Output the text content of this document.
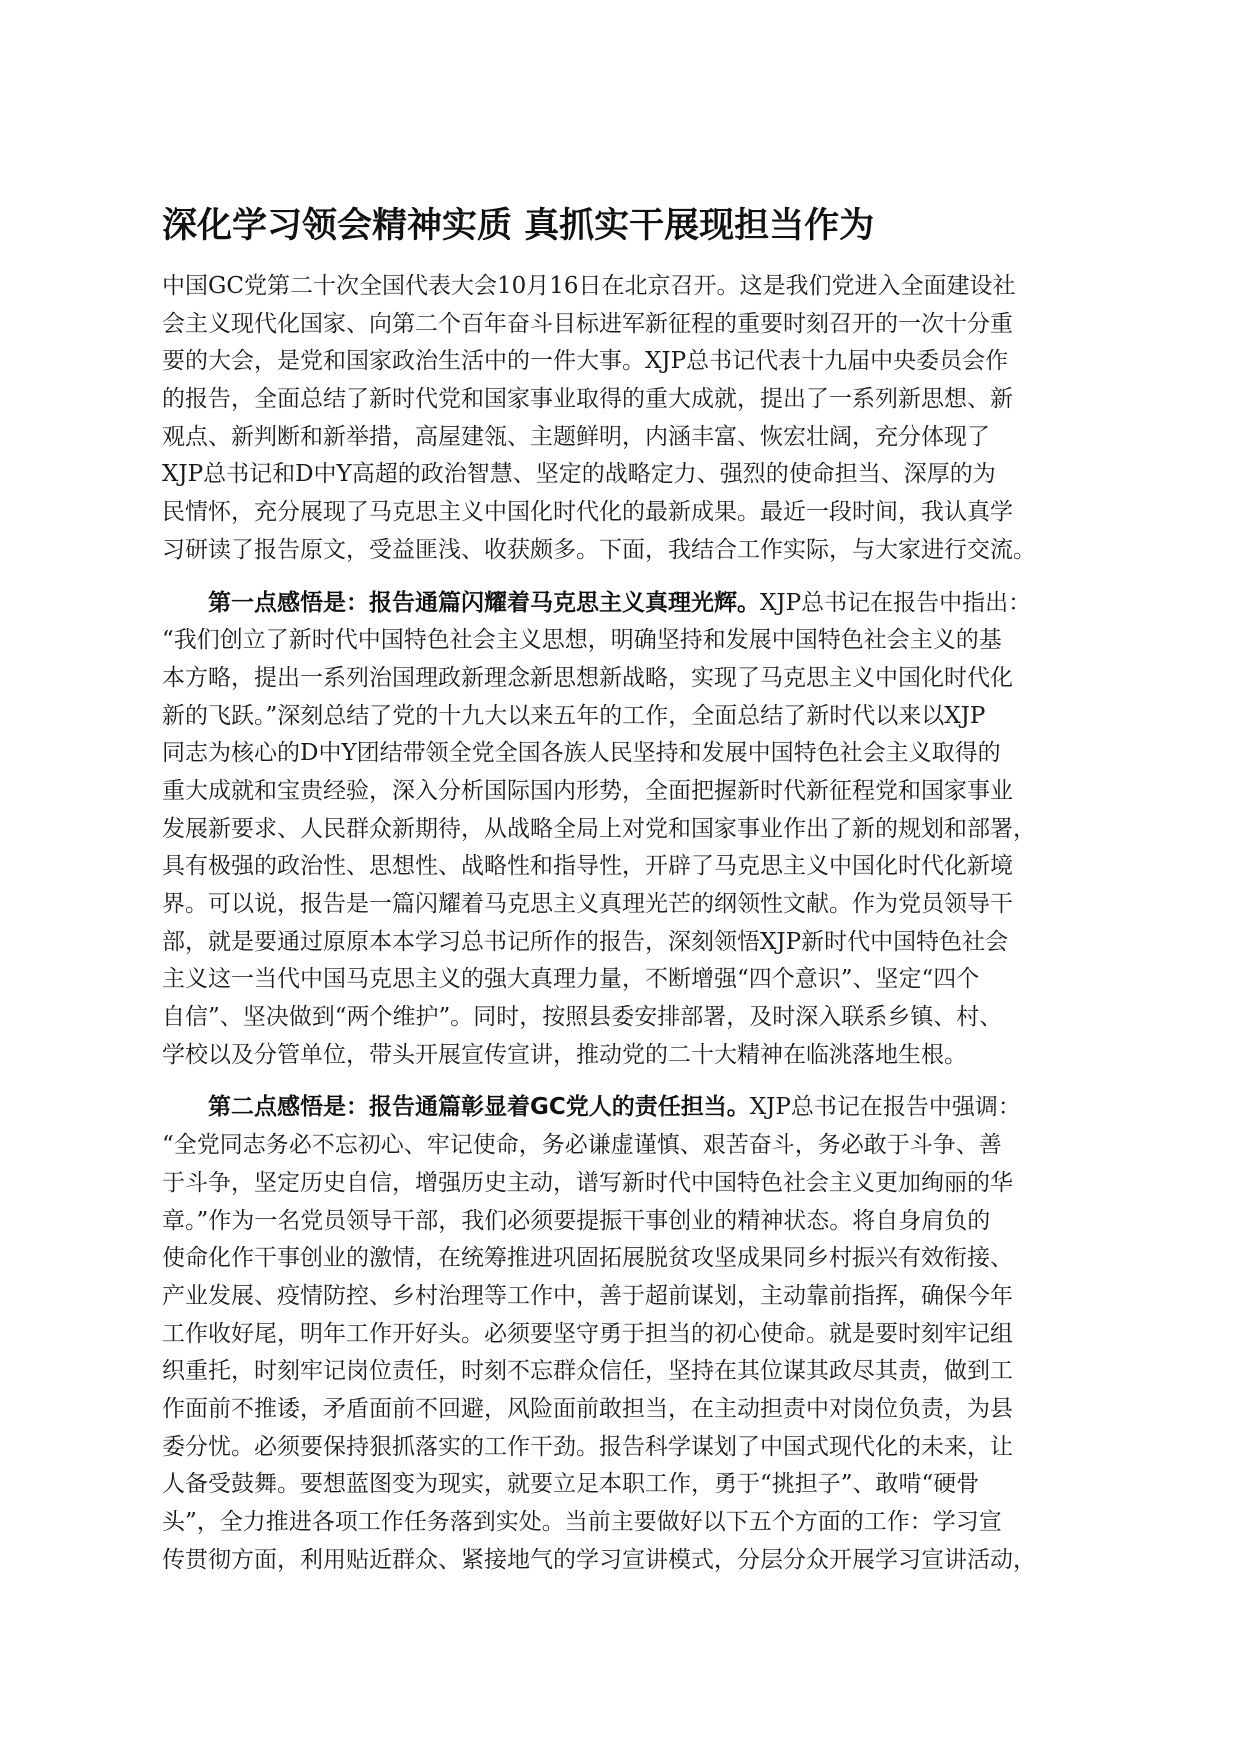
深化学习领会精神实质 真抓实干展现担当作为
中国GC党第二十次全国代表大会10月16日在北京召开。这是我们党进入全面建设社
会主义现代化国家、向第二个百年奋斗目标进军新征程的重要时刻召开的一次十分重
要的大会，是党和国家政治生活中的一件大事。XJP总书记代表十九届中央委员会作
的报告，全面总结了新时代党和国家事业取得的重大成就，提出了一系列新思想、新
观点、新判断和新举措，高屋建瓴、主题鲜明，内涵丰富、恢宏壮阔，充分体现了
XJP总书记和D中Y高超的政治智慧、坚定的战略定力、强烈的使命担当、深厚的为
民情怀，充分展现了马克思主义中国化时代化的最新成果。最近一段时间，我认真学
习研读了报告原文，受益匪浅、收获颇多。下面，我结合工作实际，与大家进行交流。
第一点感悟是：报告通篇闪耀着马克思主义真理光辉。XJP总书记在报告中指出：
“我们创立了新时代中国特色社会主义思想，明确坚持和发展中国特色社会主义的基
本方略，提出一系列治国理政新理念新思想新战略，实现了马克思主义中国化时代化
新的飞跃。”深刻总结了党的十九大以来五年的工作，全面总结了新时代以来以XJP
同志为核心的D中Y团结带领全党全国各族人民坚持和发展中国特色社会主义取得的
重大成就和宝贵经验，深入分析国际国内形势，全面把握新时代新征程党和国家事业
发展新要求、人民群众新期待，从战略全局上对党和国家事业作出了新的规划和部署，
具有极强的政治性、思想性、战略性和指导性，开辟了马克思主义中国化时代化新境
界。可以说，报告是一篇闪耀着马克思主义真理光芒的纲领性文献。作为党员领导干
部，就是要通过原原本本学习总书记所作的报告，深刻领悟XJP新时代中国特色社会
主义这一当代中国马克思主义的强大真理力量，不断增强“四个意识”、坚定“四个
自信”、坚决做到“两个维护”。同时，按照县委安排部署，及时深入联系乡镇、村、
学校以及分管单位，带头开展宣传宣讲，推动党的二十大精神在临洮落地生根。
第二点感悟是：报告通篇彰显着GC党人的责任担当。XJP总书记在报告中强调：
“全党同志务必不忘初心、牢记使命，务必谦虚谨慎、艰苦奋斗，务必敢于斗争、善
于斗争，坚定历史自信，增强历史主动，谱写新时代中国特色社会主义更加绚丽的华
章。”作为一名党员领导干部，我们必须要提振干事创业的精神状态。将自身肩负的
使命化作干事创业的激情，在统筹推进巩固拓展脱贫攻坚成果同乡村振兴有效衔接、
产业发展、疫情防控、乡村治理等工作中，善于超前谋划，主动靠前指挥，确保今年
工作收好尾，明年工作开好头。必须要坚守勇于担当的初心使命。就是要时刻牢记组
织重托，时刻牢记岗位责任，时刻不忘群众信任，坚持在其位谋其政尽其责，做到工
作面前不推诿，矛盾面前不回避，风险面前敢担当，在主动担责中对岗位负责，为县
委分忧。必须要保持狠抓落实的工作干劲。报告科学谋划了中国式现代化的未来，让
人备受鼓舞。要想蓝图变为现实，就要立足本职工作，勇于“挑担子”、敢啃“硬骨
头”，全力推进各项工作任务落到实处。当前主要做好以下五个方面的工作：学习宣
传贯彻方面，利用贴近群众、紧接地气的学习宣讲模式，分层分众开展学习宣讲活动，
